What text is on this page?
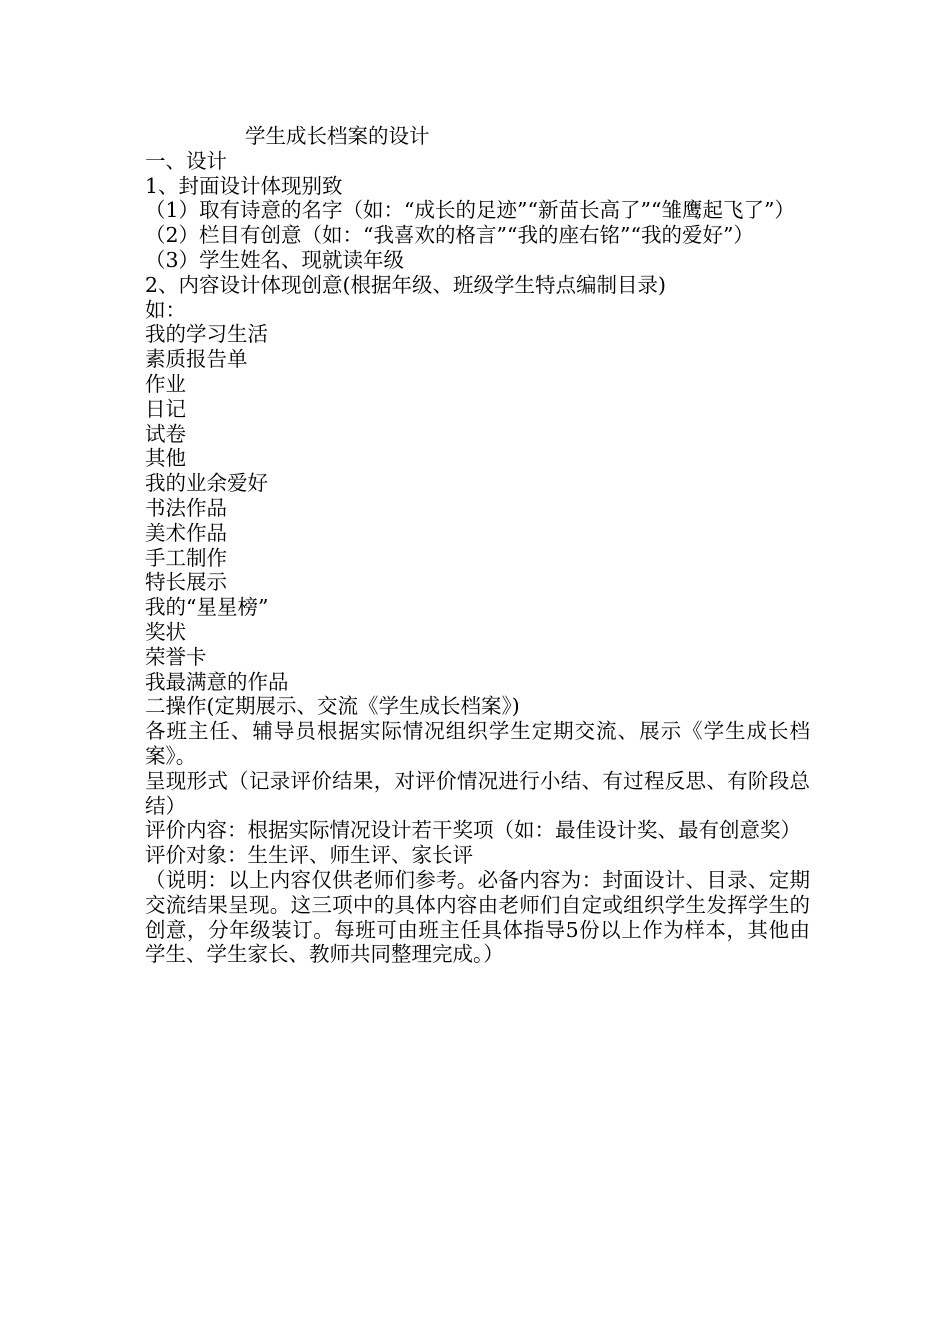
学生成长档案的设计
一、设计
1、封面设计体现别致
（1）取有诗意的名字（如：“成长的足迹”“新苗长高了”“雏鹰起飞了”）
（2）栏目有创意（如：“我喜欢的格言”“我的座右铭”“我的爱好”）
（3）学生姓名、现就读年级
2、内容设计体现创意(根据年级、班级学生特点编制目录)
如：
我的学习生活
素质报告单
作业
日记
试卷
其他
我的业余爱好
书法作品
美术作品
手工制作
特长展示
我的“星星榜”
奖状
荣誉卡
我最满意的作品
二操作(定期展示、交流《学生成长档案》)
各班主任、辅导员根据实际情况组织学生定期交流、展示《学生成长档案》。
呈现形式（记录评价结果，对评价情况进行小结、有过程反思、有阶段总结）
评价内容：根据实际情况设计若干奖项（如：最佳设计奖、最有创意奖）
评价对象：生生评、师生评、家长评
（说明：以上内容仅供老师们参考。必备内容为：封面设计、目录、定期交流结果呈现。这三项中的具体内容由老师们自定或组织学生发挥学生的创意，分年级装订。每班可由班主任具体指导5份以上作为样本，其他由学生、学生家长、教师共同整理完成。）
